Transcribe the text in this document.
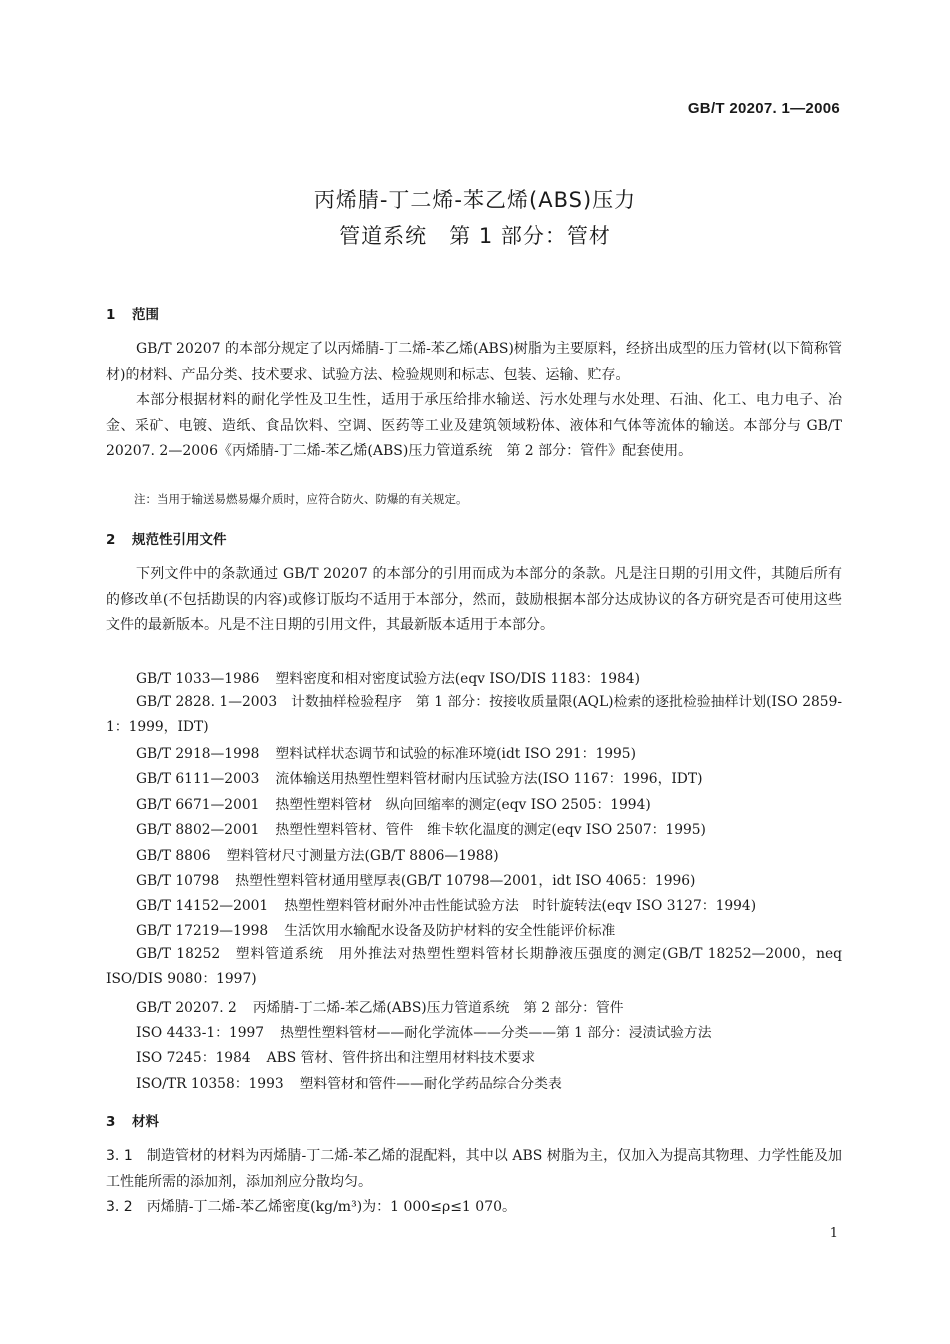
GB/T 20207. 1—2006
丙烯腈-丁二烯-苯乙烯(ABS)压力
管道系统　第 1 部分：管材
1 范围
GB/T 20207 的本部分规定了以丙烯腈-丁二烯-苯乙烯(ABS)树脂为主要原料，经挤出成型的压力管材(以下简称管材)的材料、产品分类、技术要求、试验方法、检验规则和标志、包装、运输、贮存。
本部分根据材料的耐化学性及卫生性，适用于承压给排水输送、污水处理与水处理、石油、化工、电力电子、冶金、采矿、电镀、造纸、食品饮料、空调、医药等工业及建筑领域粉体、液体和气体等流体的输送。本部分与 GB/T 20207. 2—2006《丙烯腈-丁二烯-苯乙烯(ABS)压力管道系统　第 2 部分：管件》配套使用。
注：当用于输送易燃易爆介质时，应符合防火、防爆的有关规定。
2 规范性引用文件
下列文件中的条款通过 GB/T 20207 的本部分的引用而成为本部分的条款。凡是注日期的引用文件，其随后所有的修改单(不包括勘误的内容)或修订版均不适用于本部分，然而，鼓励根据本部分达成协议的各方研究是否可使用这些文件的最新版本。凡是不注日期的引用文件，其最新版本适用于本部分。
GB/T 1033—1986 塑料密度和相对密度试验方法(eqv ISO/DIS 1183：1984)
GB/T 2828. 1—2003　 计数抽样检验程序　第 1 部分：按接收质量限(AQL)检索的逐批检验抽样计划(ISO 2859-1：1999，IDT)
GB/T 2918—1998 塑料试样状态调节和试验的标准环境(idt ISO 291：1995)
GB/T 6111—2003 流体输送用热塑性塑料管材耐内压试验方法(ISO 1167：1996，IDT)
GB/T 6671—2001 热塑性塑料管材　纵向回缩率的测定(eqv ISO 2505：1994)
GB/T 8802—2001 热塑性塑料管材、管件　维卡软化温度的测定(eqv ISO 2507：1995)
GB/T 8806 塑料管材尺寸测量方法(GB/T 8806—1988)
GB/T 10798 热塑性塑料管材通用壁厚表(GB/T 10798—2001，idt ISO 4065：1996)
GB/T 14152—2001 热塑性塑料管材耐外冲击性能试验方法　时针旋转法(eqv ISO 3127：1994)
GB/T 17219—1998 生活饮用水输配水设备及防护材料的安全性能评价标准
GB/T 18252　 塑料管道系统　用外推法对热塑性塑料管材长期静液压强度的测定(GB/T 18252—2000，neq ISO/DIS 9080：1997)
GB/T 20207. 2 丙烯腈-丁二烯-苯乙烯(ABS)压力管道系统　第 2 部分：管件
ISO 4433-1：1997 热塑性塑料管材——耐化学流体——分类——第 1 部分：浸渍试验方法
ISO 7245：1984 ABS 管材、管件挤出和注塑用材料技术要求
ISO/TR 10358：1993 塑料管材和管件——耐化学药品综合分类表
3 材料
3. 1 制造管材的材料为丙烯腈-丁二烯-苯乙烯的混配料，其中以 ABS 树脂为主，仅加入为提高其物理、力学性能及加工性能所需的添加剂，添加剂应分散均匀。
3. 2 丙烯腈-丁二烯-苯乙烯密度(kg/m³)为：1 000≤ρ≤1 070。
1
